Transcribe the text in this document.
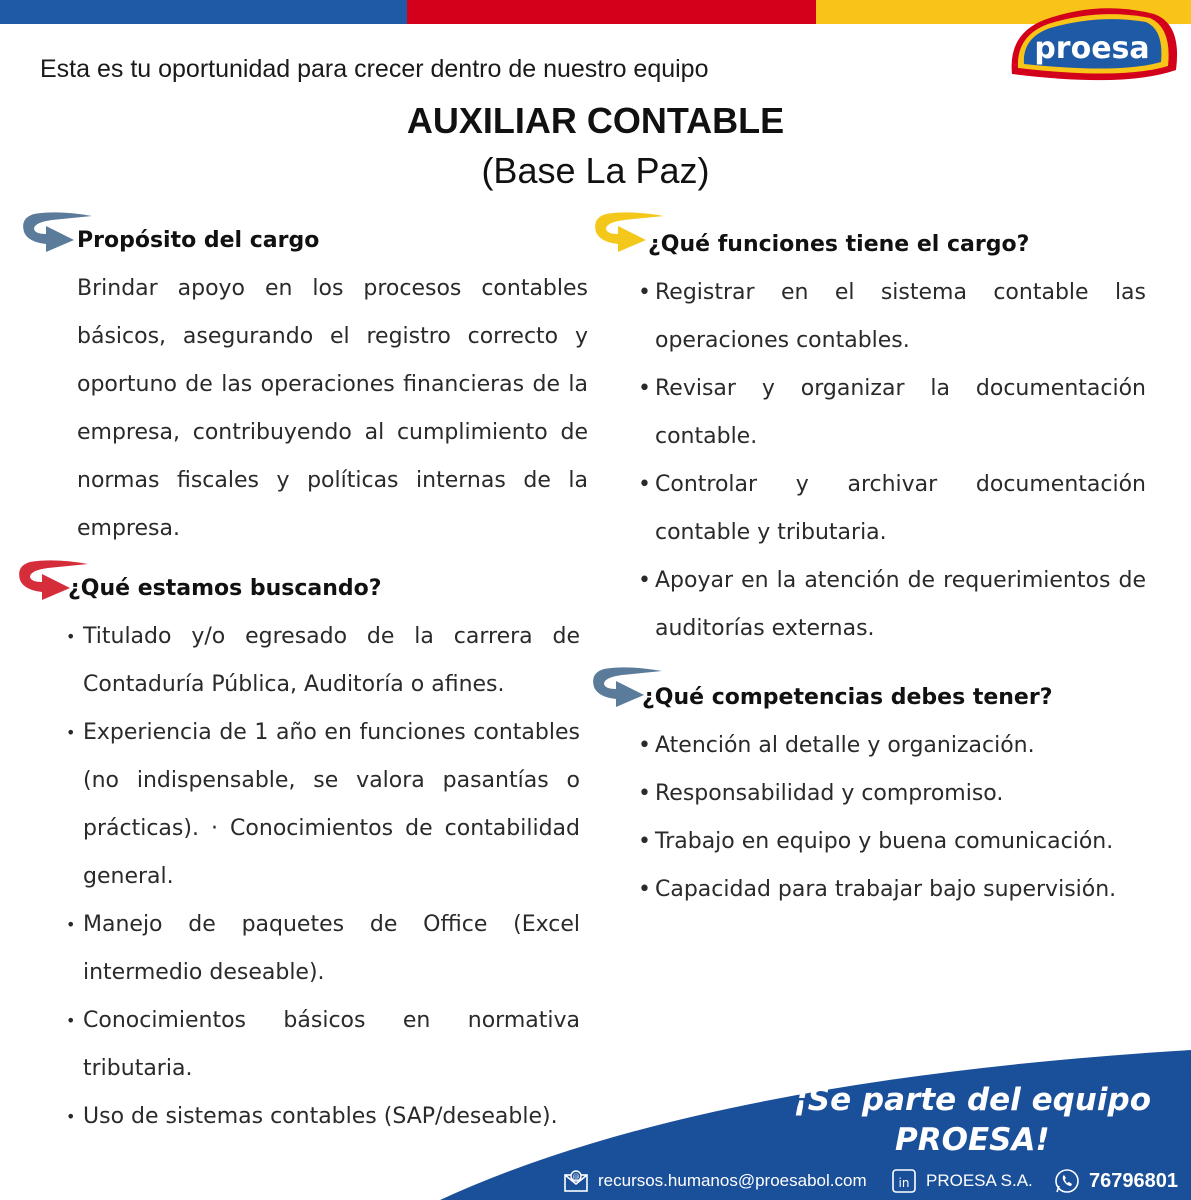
proesa
Esta es tu oportunidad para crecer dentro de nuestro equipo
AUXILIAR CONTABLE
(Base La Paz)
Propósito del cargo

Brindar apoyo en los procesos contables básicos, asegurando el registro correcto y oportuno de las operaciones financieras de la empresa, contribuyendo al cumplimiento de normas fiscales y políticas internas de la empresa.

¿Qué estamos buscando?
• Titulado y/o egresado de la carrera de Contaduría Pública, Auditoría o afines.
• Experiencia de 1 año en funciones contables (no indispensable, se valora pasantías o prácticas). · Conocimientos de contabilidad general.
• Manejo de paquetes de Office (Excel intermedio deseable).
• Conocimientos básicos en normativa tributaria.
• Uso de sistemas contables (SAP/deseable).
¿Qué funciones tiene el cargo?
• Registrar en el sistema contable las operaciones contables.
• Revisar y organizar la documentación contable.
• Controlar y archivar documentación contable y tributaria.
• Apoyar en la atención de requerimientos de auditorías externas.
¿Qué competencias debes tener?
• Atención al detalle y organización.
• Responsabilidad y compromiso.
• Trabajo en equipo y buena comunicación.
• Capacidad para trabajar bajo supervisión.
¡Se parte del equipo
PROESA!
@ recursos.humanos@proesabol.com	in PROESA S.A.	76796801
